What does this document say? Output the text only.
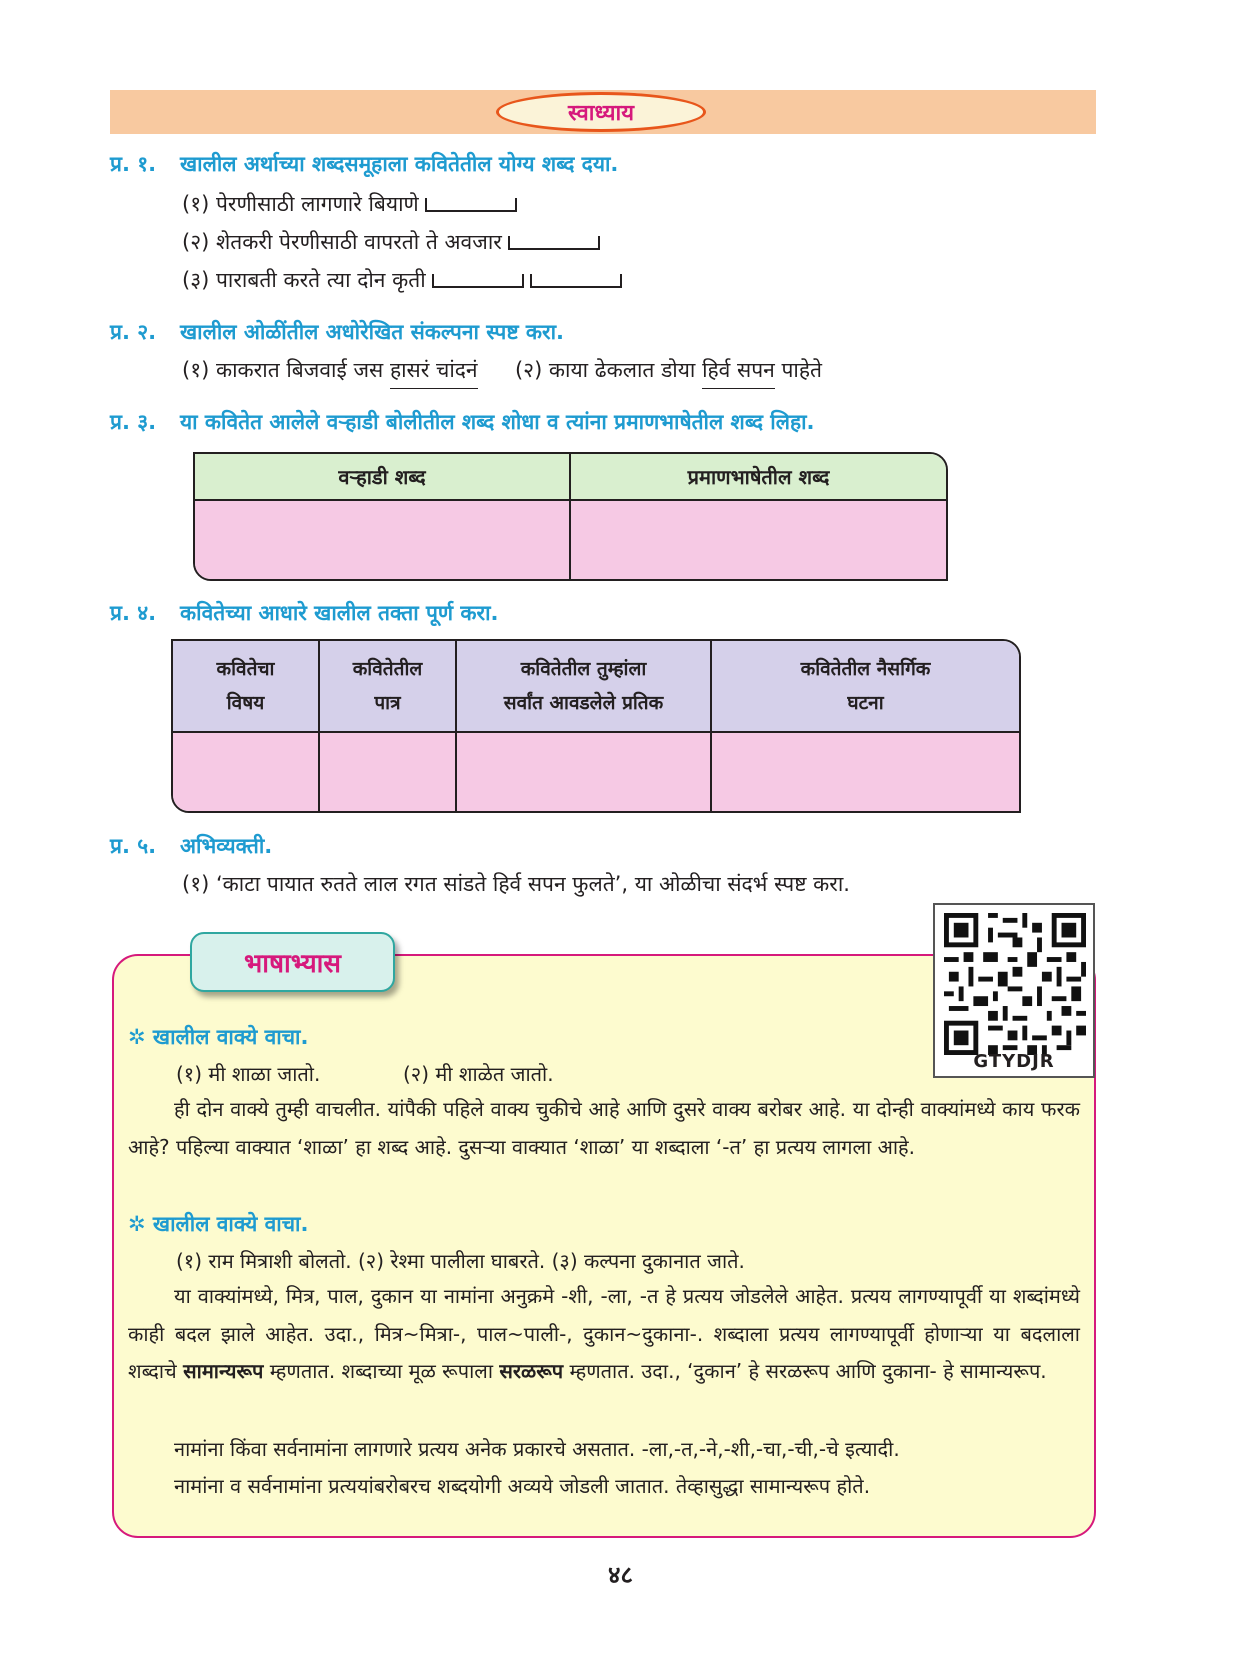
स्वाध्याय
प्र. १. खालील अर्थाच्या शब्दसमूहाला कवितेतील योग्य शब्द दया.
(१) पेरणीसाठी लागणारे बियाणे
(२) शेतकरी पेरणीसाठी वापरतो ते अवजार
(३) पाराबती करते त्या दोन कृती
प्र. २. खालील ओळींतील अधोरेखित संकल्पना स्पष्ट करा.
(१) काकरात बिजवाई जस हासरं चांदनं (२) काया ढेकलात डोया हिर्व सपन पाहेते
प्र. ३. या कवितेत आलेले वऱ्हाडी बोलीतील शब्द शोधा व त्यांना प्रमाणभाषेतील शब्द लिहा.
वऱ्हाडी शब्द	प्रमाणभाषेतील शब्द
प्र. ४. कवितेच्या आधारे खालील तक्ता पूर्ण करा.
कवितेचा
विषय
कवितेतील
पात्र
कवितेतील तुम्हांला
सर्वांत आवडलेले प्रतिक
कवितेतील नैसर्गिक
घटना
प्र. ५. अभिव्यक्ती.
(१) ‘काटा पायात रुतते लाल रगत सांडते हिर्व सपन फुलते’, या ओळीचा संदर्भ स्पष्ट करा.
भाषाभ्यास
GTYDJR
✲ खालील वाक्ये वाचा.
(१) मी शाळा जातो.	(२) मी शाळेत जातो.
ही दोन वाक्ये तुम्ही वाचलीत. यांपैकी पहिले वाक्य चुकीचे आहे आणि दुसरे वाक्य बरोबर आहे. या दोन्ही वाक्यांमध्ये काय फरक आहे? पहिल्या वाक्यात ‘शाळा’ हा शब्द आहे. दुसऱ्या वाक्यात ‘शाळा’ या शब्दाला ‘-त’ हा प्रत्यय लागला आहे.
✲ खालील वाक्ये वाचा.
(१) राम मित्राशी बोलतो. (२) रेश्मा पालीला घाबरते. (३) कल्पना दुकानात जाते.
या वाक्यांमध्ये, मित्र, पाल, दुकान या नामांना अनुक्रमे -शी, -ला, -त हे प्रत्यय जोडलेले आहेत. प्रत्यय लागण्यापूर्वी या शब्दांमध्ये काही बदल झाले आहेत. उदा., मित्र~मित्रा-, पाल~पाली-, दुकान~दुकाना-. शब्दाला प्रत्यय लागण्यापूर्वी होणाऱ्या या बदलाला शब्दाचे सामान्यरूप म्हणतात. शब्दाच्या मूळ रूपाला सरळरूप म्हणतात. उदा., ‘दुकान’ हे सरळरूप आणि दुकाना- हे सामान्यरूप.
नामांना किंवा सर्वनामांना लागणारे प्रत्यय अनेक प्रकारचे असतात. -ला,-त,-ने,-शी,-चा,-ची,-चे इत्यादी.
नामांना व सर्वनामांना प्रत्ययांबरोबरच शब्दयोगी अव्यये जोडली जातात. तेव्हासुद्धा सामान्यरूप होते.
४८
